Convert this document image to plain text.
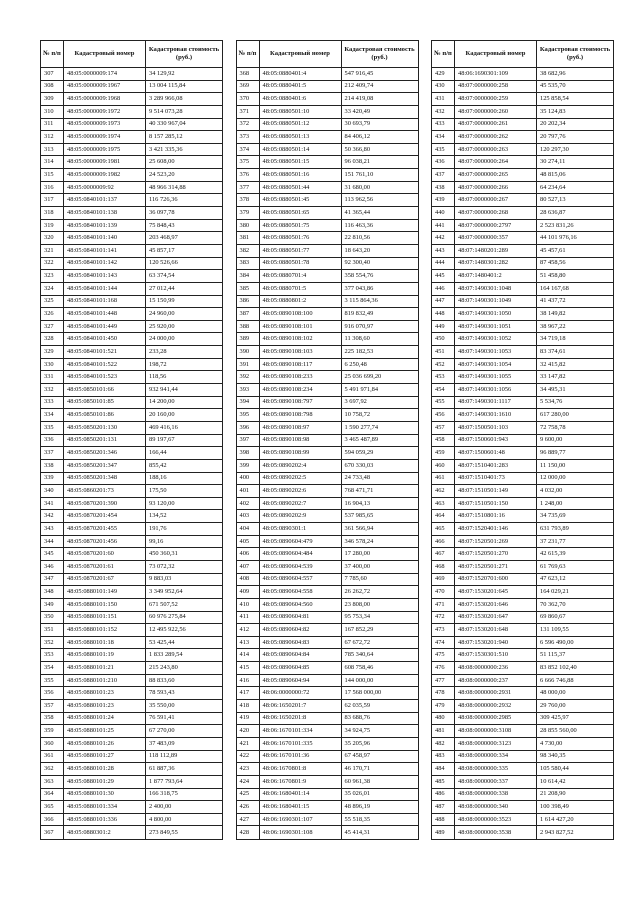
№ п/п	Кадастровый номер	Кадастровая стоимость (руб.)
307	48:05:0000009:174	34 129,92
308	48:05:0000009:1967	13 004 115,84
309	48:05:0000009:1968	3 289 966,08
310	48:05:0000009:1972	9 514 073,28
311	48:05:0000009:1973	40 330 967,04
312	48:05:0000009:1974	8 157 285,12
313	48:05:0000009:1975	3 421 335,36
314	48:05:0000009:1981	25 608,00
315	48:05:0000009:1982	24 523,20
316	48:05:0000009:92	48 966 314,88
317	48:05:0840101:137	116 726,36
318	48:05:0840101:138	36 097,78
319	48:05:0840101:139	75 848,43
320	48:05:0840101:140	203 468,97
321	48:05:0840101:141	45 857,17
322	48:05:0840101:142	120 526,66
323	48:05:0840101:143	63 374,54
324	48:05:0840101:144	27 012,44
325	48:05:0840101:168	15 150,99
326	48:05:0840101:448	24 960,00
327	48:05:0840101:449	25 920,00
328	48:05:0840101:450	24 000,00
329	48:05:0840101:521	233,28
330	48:05:0840101:522	198,72
331	48:05:0840101:523	118,56
332	48:05:0850101:66	932 941,44
333	48:05:0850101:85	14 200,00
334	48:05:0850101:86	20 160,00
335	48:05:0850201:130	469 416,16
336	48:05:0850201:131	89 197,67
337	48:05:0850201:346	166,44
338	48:05:0850201:347	855,42
339	48:05:0850201:348	188,16
340	48:05:0860201:73	175,50
341	48:05:0870201:390	93 120,00
342	48:05:0870201:454	134,52
343	48:05:0870201:455	191,76
344	48:05:0870201:456	99,16
345	48:05:0870201:60	450 360,31
346	48:05:0870201:61	73 072,32
347	48:05:0870201:67	9 883,03
348	48:05:0880101:149	3 349 952,64
349	48:05:0880101:150	671 507,52
350	48:05:0880101:151	60 976 275,84
351	48:05:0880101:152	12 495 922,56
352	48:05:0880101:18	53 425,44
353	48:05:0880101:19	1 833 289,54
354	48:05:0880101:21	215 243,80
355	48:05:0880101:210	88 833,60
356	48:05:0880101:23	78 593,43
357	48:05:0880101:23	35 550,00
358	48:05:0880101:24	76 591,41
359	48:05:0880101:25	67 270,00
360	48:05:0880101:26	37 483,09
361	48:05:0880101:27	118 112,89
362	48:05:0880101:28	61 887,36
363	48:05:0880101:29	1 877 793,64
364	48:05:0880101:30	166 318,75
365	48:05:0880101:334	2 400,00
366	48:05:0880101:336	4 800,00
367	48:05:0880301:2	273 849,55
№ п/п	Кадастровый номер	Кадастровая стоимость (руб.)
368	48:05:0880401:4	547 916,45
369	48:05:0880401:5	212 409,74
370	48:05:0880401:6	214 419,08
371	48:05:0880501:10	33 420,49
372	48:05:0880501:12	30 693,79
373	48:05:0880501:13	84 406,12
374	48:05:0880501:14	50 366,80
375	48:05:0880501:15	96 038,21
376	48:05:0880501:16	151 761,10
377	48:05:0880501:44	31 680,00
378	48:05:0880501:45	113 962,56
379	48:05:0880501:65	41 365,44
380	48:05:0880501:75	116 463,36
381	48:05:0880501:76	22 810,56
382	48:05:0880501:77	18 643,20
383	48:05:0880501:78	92 300,40
384	48:05:0880701:4	358 554,76
385	48:05:0880701:5	377 043,86
386	48:05:0880801:2	3 115 864,36
387	48:05:0890108:100	819 832,49
388	48:05:0890108:101	916 070,97
389	48:05:0890108:102	11 308,60
390	48:05:0890108:103	225 182,53
391	48:05:0890108:117	6 250,48
392	48:05:0890108:233	25 036 699,20
393	48:05:0890108:234	5 491 971,84
394	48:05:0890108:797	3 697,92
395	48:05:0890108:798	10 758,72
396	48:05:0890108:97	1 590 277,74
397	48:05:0890108:98	3 465 487,89
398	48:05:0890108:99	594 059,29
399	48:05:0890202:4	670 330,03
400	48:05:0890202:5	24 733,48
401	48:05:0890202:6	768 471,71
402	48:05:0890202:7	16 904,13
403	48:05:0890202:9	537 985,65
404	48:05:0890301:1	361 566,94
405	48:05:0890604:479	346 578,24
406	48:05:0890604:484	17 280,00
407	48:05:0890604:539	37 400,00
408	48:05:0890604:557	7 785,60
409	48:05:0890604:558	26 262,72
410	48:05:0890604:560	23 808,00
411	48:05:0890604:81	95 753,34
412	48:05:0890604:82	167 852,29
413	48:05:0890604:83	67 672,72
414	48:05:0890604:84	785 340,64
415	48:05:0890604:85	608 758,46
416	48:05:0890604:94	144 000,00
417	48:06:0000000:72	17 568 000,00
418	48:06:1650201:7	62 035,59
419	48:06:1650201:8	83 688,76
420	48:06:1670101:334	34 924,75
421	48:06:1670101:335	35 205,96
422	48:06:1670101:36	67 458,97
423	48:06:1670801:8	46 170,71
424	48:06:1670801:9	60 961,38
425	48:06:1680401:14	35 026,01
426	48:06:1680401:15	48 896,19
427	48:06:1690301:107	55 518,35
428	48:06:1690301:108	45 414,31
№ п/п	Кадастровый номер	Кадастровая стоимость (руб.)
429	48:06:1690301:109	38 682,96
430	48:07:0000000:258	45 535,70
431	48:07:0000000:259	125 858,54
432	48:07:0000000:260	35 124,83
433	48:07:0000000:261	20 202,34
434	48:07:0000000:262	20 797,76
435	48:07:0000000:263	120 297,30
436	48:07:0000000:264	30 274,11
437	48:07:0000000:265	48 815,06
438	48:07:0000000:266	64 234,64
439	48:07:0000000:267	80 527,13
440	48:07:0000000:268	28 636,87
441	48:07:0000000:2797	2 523 831,26
442	48:07:0000000:357	44 101 976,16
443	48:07:1480201:289	45 457,61
444	48:07:1480301:282	87 458,56
445	48:07:1480401:2	51 458,80
446	48:07:1490301:1048	164 167,68
447	48:07:1490301:1049	41 437,72
448	48:07:1490301:1050	38 149,82
449	48:07:1490301:1051	38 967,22
450	48:07:1490301:1052	34 719,18
451	48:07:1490301:1053	83 374,61
452	48:07:1490301:1054	32 415,82
453	48:07:1490301:1055	33 147,82
454	48:07:1490301:1056	34 495,31
455	48:07:1490301:1117	5 534,76
456	48:07:1490301:1610	617 280,00
457	48:07:1500501:103	72 758,78
458	48:07:1500601:943	9 600,00
459	48:07:1500601:48	96 889,77
460	48:07:1510401:283	11 150,00
461	48:07:1510401:73	12 000,00
462	48:07:1510501:149	4 032,00
463	48:07:1510501:150	1 248,00
464	48:07:1510801:16	34 735,69
465	48:07:1520401:146	631 793,89
466	48:07:1520501:269	37 231,77
467	48:07:1520501:270	42 615,39
468	48:07:1520501:271	61 769,63
469	48:07:1520701:600	47 623,12
470	48:07:1530201:645	164 029,21
471	48:07:1530201:646	70 362,70
472	48:07:1530201:647	69 860,67
473	48:07:1530201:648	131 109,55
474	48:07:1530201:940	6 596 490,00
475	48:07:1530301:510	51 115,37
476	48:08:0000000:236	83 852 102,40
477	48:08:0000000:237	6 666 746,88
478	48:08:0000000:2931	48 000,00
479	48:08:0000000:2932	29 760,00
480	48:08:0000000:2985	309 425,97
481	48:08:0000000:3108	28 855 560,00
482	48:08:0000000:3123	4 730,00
483	48:08:0000000:334	98 340,35
484	48:08:0000000:335	105 580,44
485	48:08:0000000:337	10 614,42
486	48:08:0000000:338	21 208,90
487	48:08:0000000:340	100 398,49
488	48:08:0000000:3523	1 614 427,20
489	48:08:0000000:3538	2 943 827,52
